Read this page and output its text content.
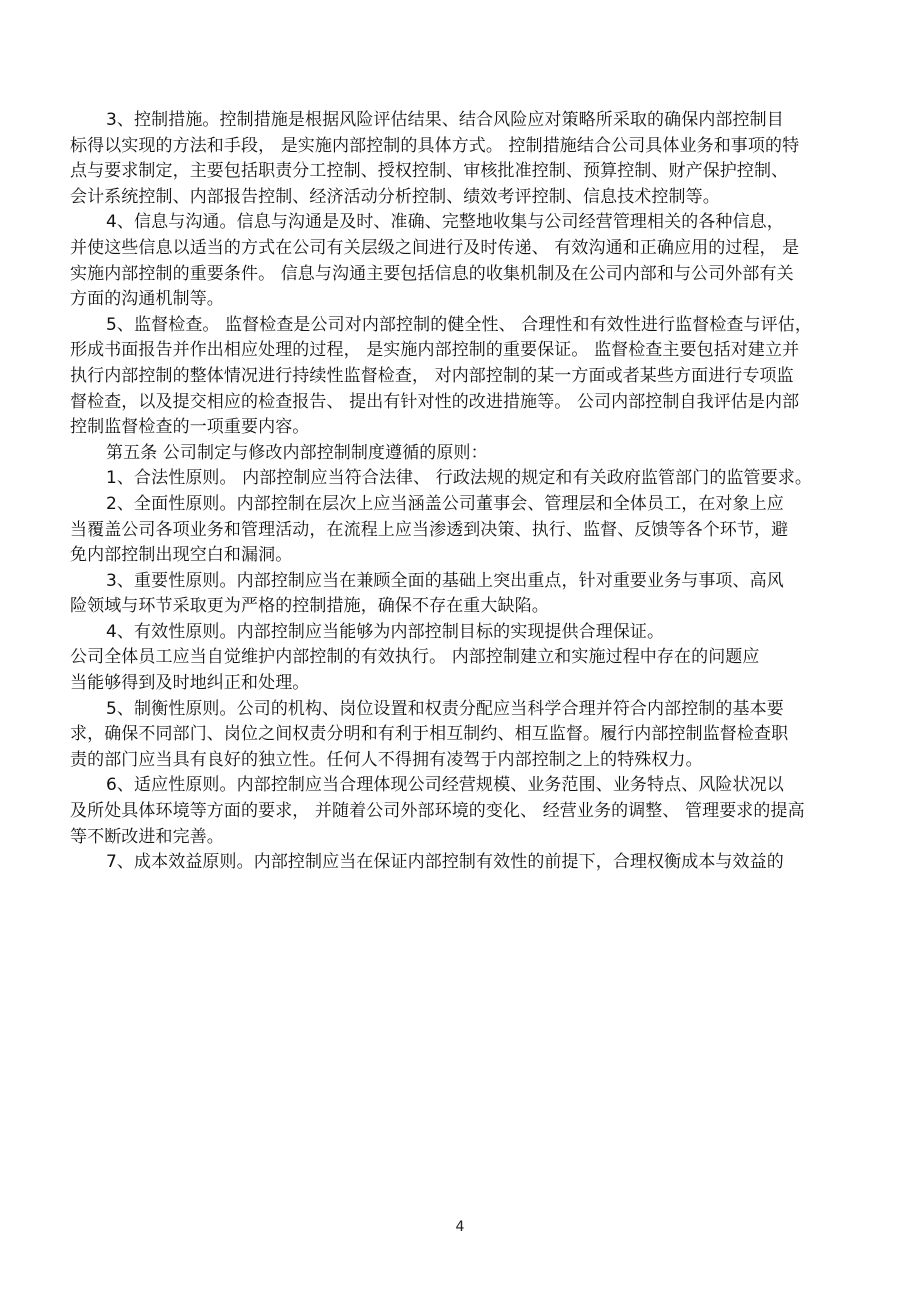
3、控制措施。控制措施是根据风险评估结果、结合风险应对策略所采取的确保内部控制目
标得以实现的方法和手段， 是实施内部控制的具体方式。 控制措施结合公司具体业务和事项的特
点与要求制定，主要包括职责分工控制、授权控制、审核批准控制、预算控制、财产保护控制、
会计系统控制、内部报告控制、经济活动分析控制、绩效考评控制、信息技术控制等。

4、信息与沟通。信息与沟通是及时、准确、完整地收集与公司经营管理相关的各种信息，
并使这些信息以适当的方式在公司有关层级之间进行及时传递、 有效沟通和正确应用的过程， 是
实施内部控制的重要条件。 信息与沟通主要包括信息的收集机制及在公司内部和与公司外部有关
方面的沟通机制等。

5、监督检查。 监督检查是公司对内部控制的健全性、 合理性和有效性进行监督检查与评估，
形成书面报告并作出相应处理的过程， 是实施内部控制的重要保证。 监督检查主要包括对建立并
执行内部控制的整体情况进行持续性监督检查， 对内部控制的某一方面或者某些方面进行专项监
督检查，以及提交相应的检查报告、 提出有针对性的改进措施等。 公司内部控制自我评估是内部
控制监督检查的一项重要内容。

第五条 公司制定与修改内部控制制度遵循的原则：

1、合法性原则。 内部控制应当符合法律、 行政法规的规定和有关政府监管部门的监管要求。

2、全面性原则。内部控制在层次上应当涵盖公司董事会、管理层和全体员工，在对象上应
当覆盖公司各项业务和管理活动，在流程上应当渗透到决策、执行、监督、反馈等各个环节，避
免内部控制出现空白和漏洞。

3、重要性原则。内部控制应当在兼顾全面的基础上突出重点，针对重要业务与事项、高风
险领域与环节采取更为严格的控制措施，确保不存在重大缺陷。

4、有效性原则。内部控制应当能够为内部控制目标的实现提供合理保证。

公司全体员工应当自觉维护内部控制的有效执行。 内部控制建立和实施过程中存在的问题应
当能够得到及时地纠正和处理。

5、制衡性原则。公司的机构、岗位设置和权责分配应当科学合理并符合内部控制的基本要
求，确保不同部门、岗位之间权责分明和有利于相互制约、相互监督。履行内部控制监督检查职
责的部门应当具有良好的独立性。任何人不得拥有凌驾于内部控制之上的特殊权力。

6、适应性原则。内部控制应当合理体现公司经营规模、业务范围、业务特点、风险状况以
及所处具体环境等方面的要求， 并随着公司外部环境的变化、 经营业务的调整、 管理要求的提高
等不断改进和完善。

7、成本效益原则。内部控制应当在保证内部控制有效性的前提下，合理权衡成本与效益的

4
